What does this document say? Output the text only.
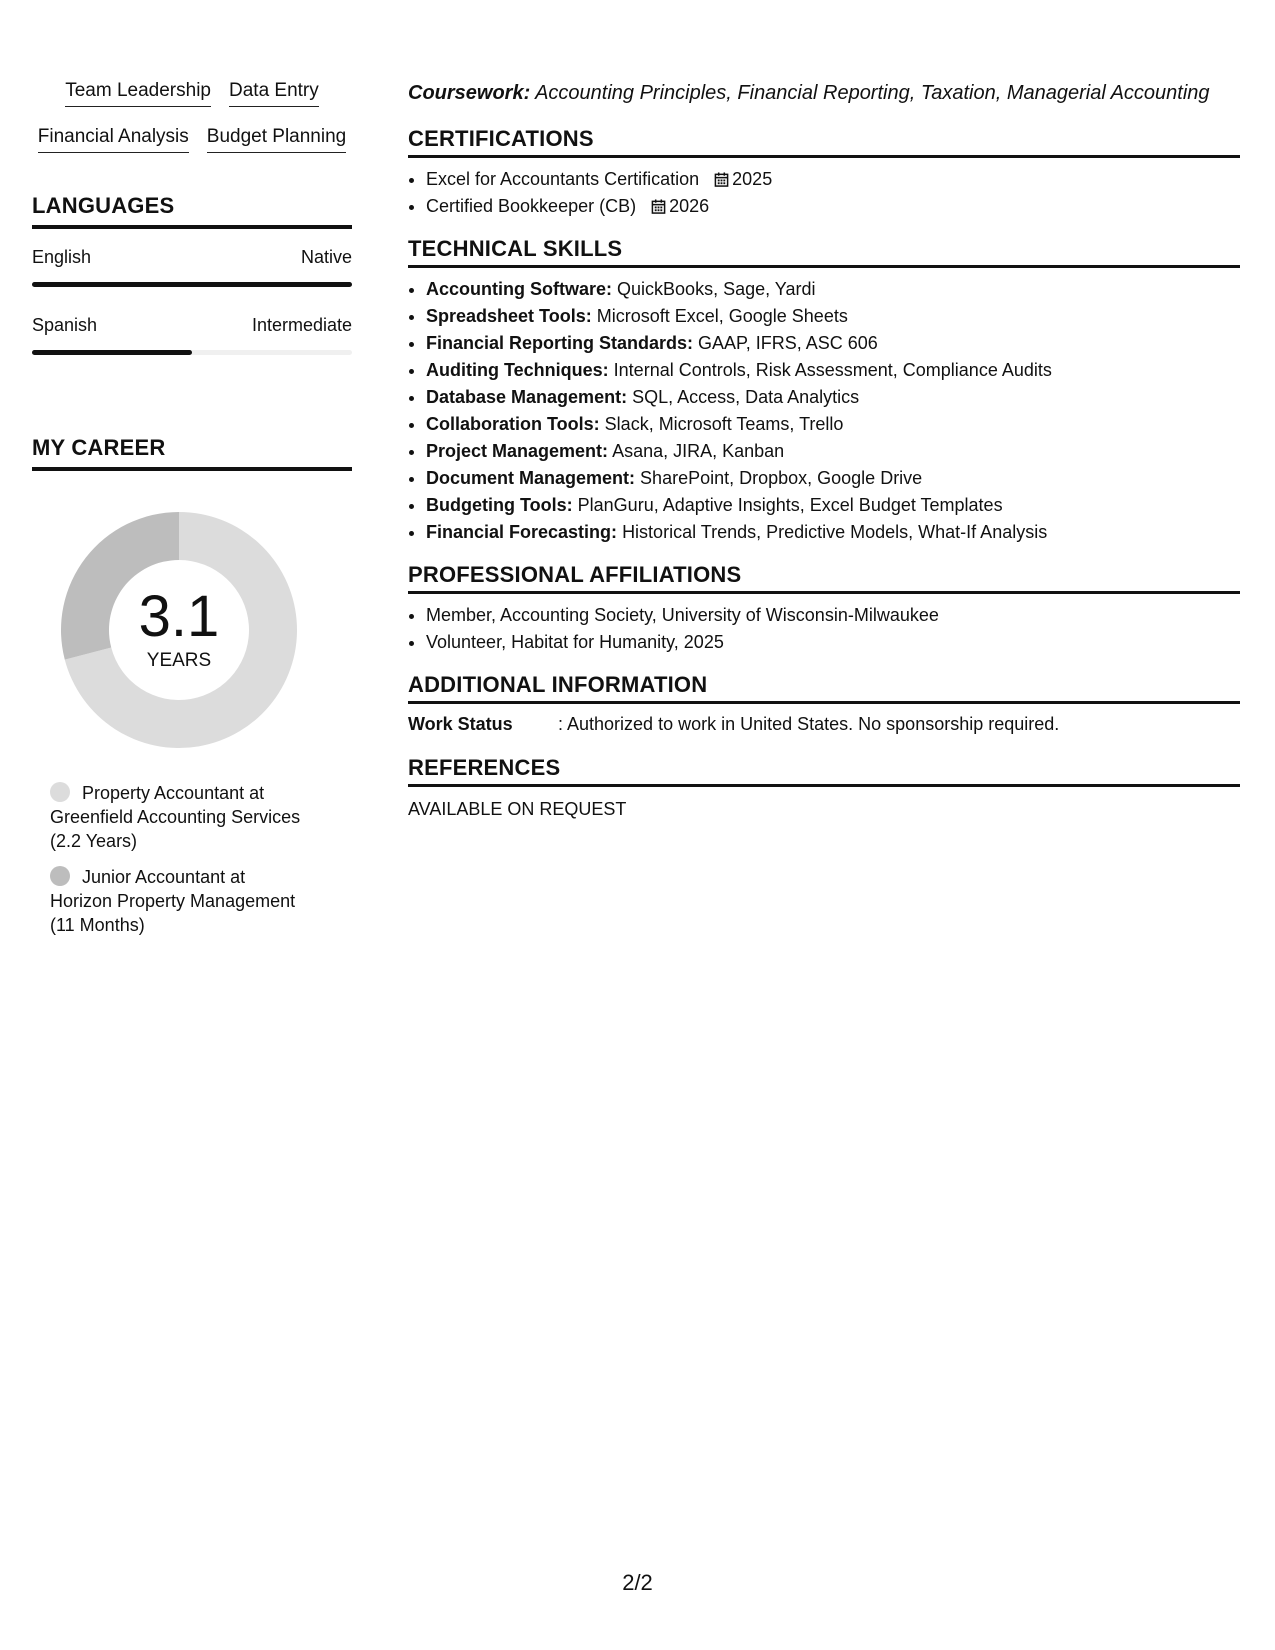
Team Leadership Data Entry
Financial Analysis Budget Planning
LANGUAGES
English	Native
Spanish	Intermediate
MY CAREER
3.1
YEARS
Property Accountant at
Greenfield Accounting Services
(2.2 Years)
Junior Accountant at
Horizon Property Management
(11 Months)
Coursework: Accounting Principles, Financial Reporting, Taxation, Managerial Accounting
CERTIFICATIONS
• Excel for Accountants Certification 2025
• Certified Bookkeeper (CB) 2026
TECHNICAL SKILLS
• Accounting Software: QuickBooks, Sage, Yardi
• Spreadsheet Tools: Microsoft Excel, Google Sheets
• Financial Reporting Standards: GAAP, IFRS, ASC 606
• Auditing Techniques: Internal Controls, Risk Assessment, Compliance Audits
• Database Management: SQL, Access, Data Analytics
• Collaboration Tools: Slack, Microsoft Teams, Trello
• Project Management: Asana, JIRA, Kanban
• Document Management: SharePoint, Dropbox, Google Drive
• Budgeting Tools: PlanGuru, Adaptive Insights, Excel Budget Templates
• Financial Forecasting: Historical Trends, Predictive Models, What-If Analysis
PROFESSIONAL AFFILIATIONS
• Member, Accounting Society, University of Wisconsin-Milwaukee
• Volunteer, Habitat for Humanity, 2025
ADDITIONAL INFORMATION
Work Status	: Authorized to work in United States. No sponsorship required.
REFERENCES
AVAILABLE ON REQUEST
2/2
